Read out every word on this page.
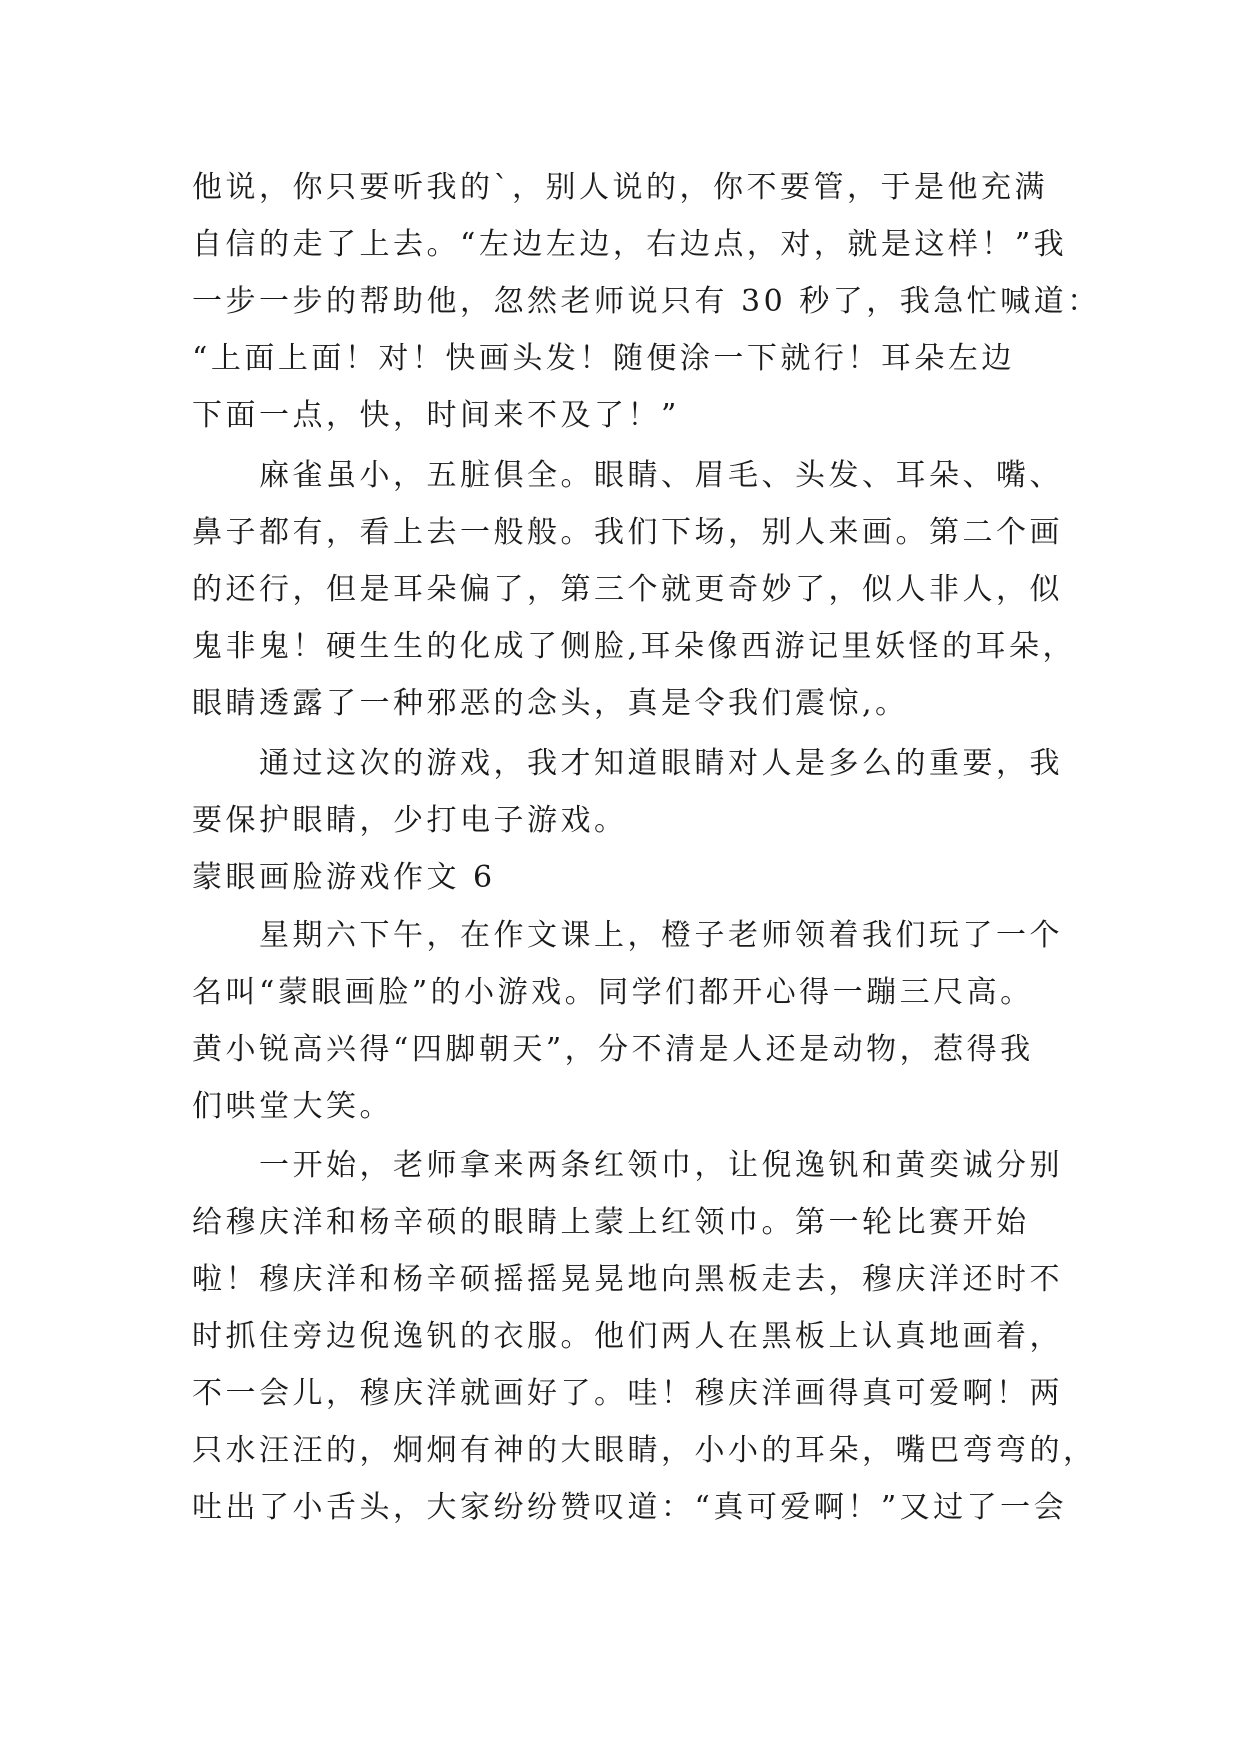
他说，你只要听我的`，别人说的，你不要管，于是他充满
自信的走了上去。“左边左边，右边点，对，就是这样！”我
一步一步的帮助他，忽然老师说只有 30 秒了，我急忙喊道：
“上面上面！对！快画头发！随便涂一下就行！耳朵左边
下面一点，快，时间来不及了！”
　　麻雀虽小，五脏俱全。眼睛、眉毛、头发、耳朵、嘴、
鼻子都有，看上去一般般。我们下场，别人来画。第二个画
的还行，但是耳朵偏了，第三个就更奇妙了，似人非人，似
鬼非鬼！硬生生的化成了侧脸,耳朵像西游记里妖怪的耳朵，
眼睛透露了一种邪恶的念头，真是令我们震惊,。
　　通过这次的游戏，我才知道眼睛对人是多么的重要，我
要保护眼睛，少打电子游戏。
蒙眼画脸游戏作文 6
　　星期六下午，在作文课上，橙子老师领着我们玩了一个
名叫“蒙眼画脸”的小游戏。同学们都开心得一蹦三尺高。
黄小锐高兴得“四脚朝天”，分不清是人还是动物，惹得我
们哄堂大笑。
　　一开始，老师拿来两条红领巾，让倪逸钒和黄奕诚分别
给穆庆洋和杨辛硕的眼睛上蒙上红领巾。第一轮比赛开始
啦！穆庆洋和杨辛硕摇摇晃晃地向黑板走去，穆庆洋还时不
时抓住旁边倪逸钒的衣服。他们两人在黑板上认真地画着，
不一会儿，穆庆洋就画好了。哇！穆庆洋画得真可爱啊！两
只水汪汪的，炯炯有神的大眼睛，小小的耳朵，嘴巴弯弯的，
吐出了小舌头，大家纷纷赞叹道：“真可爱啊！”又过了一会
